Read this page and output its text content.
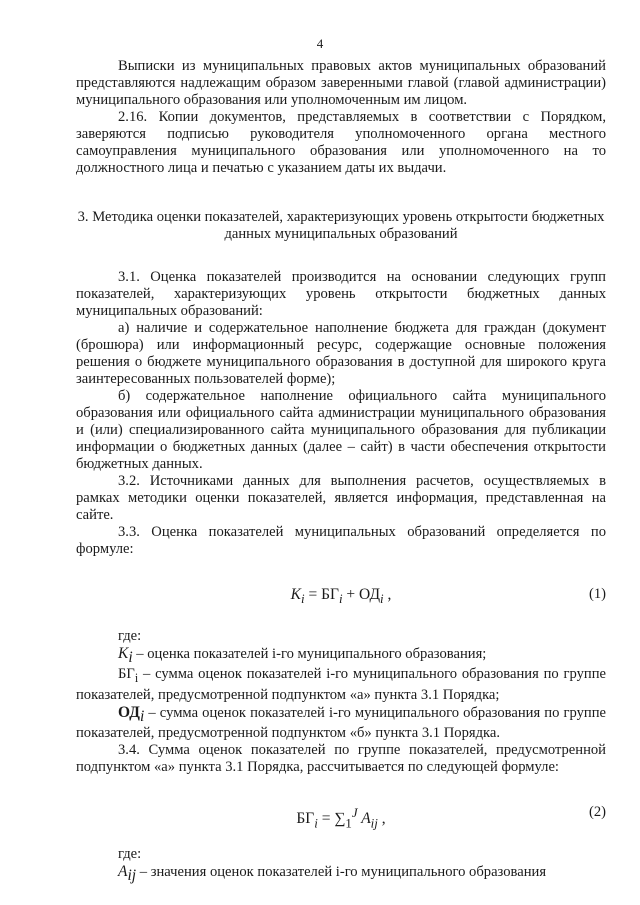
4

Выписки из муниципальных правовых актов муниципальных образований представляются надлежащим образом заверенными главой (главой администрации) муниципального образования или уполномоченным им лицом.

2.16. Копии документов, представляемых в соответствии с Порядком, заверяются подписью руководителя уполномоченного органа местного самоуправления муниципального образования или уполномоченного на то должностного лица и печатью с указанием даты их выдачи.

3. Методика оценки показателей, характеризующих уровень открытости бюджетных данных муниципальных образований

3.1. Оценка показателей производится на основании следующих групп показателей, характеризующих уровень открытости бюджетных данных муниципальных образований:

а) наличие и содержательное наполнение бюджета для граждан (документ (брошюра) или информационный ресурс, содержащие основные положения решения о бюджете муниципального образования в доступной для широкого круга заинтересованных пользователей форме);

б) содержательное наполнение официального сайта муниципального образования или официального сайта администрации муниципального образования и (или) специализированного сайта муниципального образования для публикации информации о бюджетных данных (далее – сайт) в части обеспечения открытости бюджетных данных.

3.2. Источниками данных для выполнения расчетов, осуществляемых в рамках методики оценки показателей, является информация, представленная на сайте.

3.3. Оценка показателей муниципальных образований определяется по формуле:

$K_i = БГ_i + ОД_i$ ,	(1)

где:

$K_i$ – оценка показателей i-го муниципального образования;

$БГ_i$ – сумма оценок показателей i-го муниципального образования по группе показателей, предусмотренной подпунктом «а» пункта 3.1 Порядка;

$ОД_i$ – сумма оценок показателей i-го муниципального образования по группе показателей, предусмотренной подпунктом «б» пункта 3.1 Порядка.

3.4. Сумма оценок показателей по группе показателей, предусмотренной подпунктом «а» пункта 3.1 Порядка, рассчитывается по следующей формуле:

$БГ_i = \sum_1^J$ $A_{ij}$ ,	(2)

где:

$A_{ij}$ – значения оценок показателей i-го муниципального образования
